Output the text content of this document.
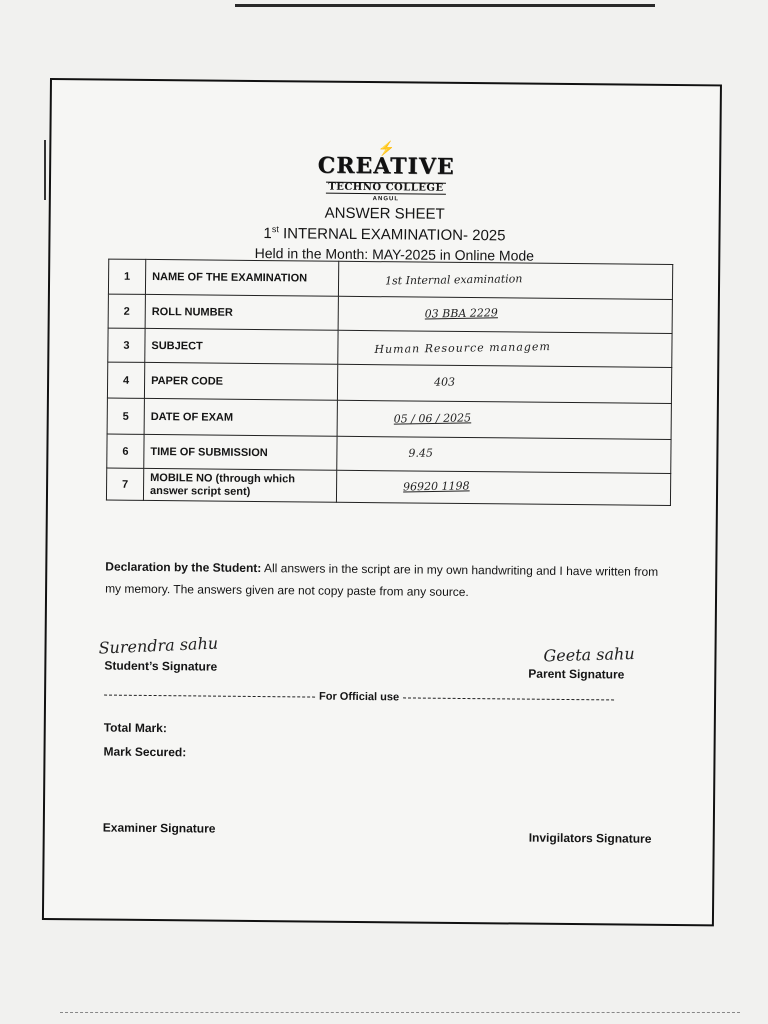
⚡
CREATIVE
TECHNO COLLEGE
ANGUL
ANSWER SHEET
1st INTERNAL EXAMINATION- 2025
Held in the Month: MAY-2025 in Online Mode
1	NAME OF THE EXAMINATION	1st Internal examination
2	ROLL NUMBER	03 BBA 2229
3	SUBJECT	Human Resource managem
4	PAPER CODE	403
5	DATE OF EXAM	05 / 06 / 2025
6	TIME OF SUBMISSION	9.45
7	MOBILE NO (through which answer script sent)	96920 1198
Declaration by the Student: All answers in the script are in my own handwriting and I have written from my memory. The answers given are not copy paste from any source.
Surendra sahu
Student’s Signature
Geeta sahu
Parent Signature
For Official use
Total Mark:
Mark Secured:
Examiner Signature
Invigilators Signature
